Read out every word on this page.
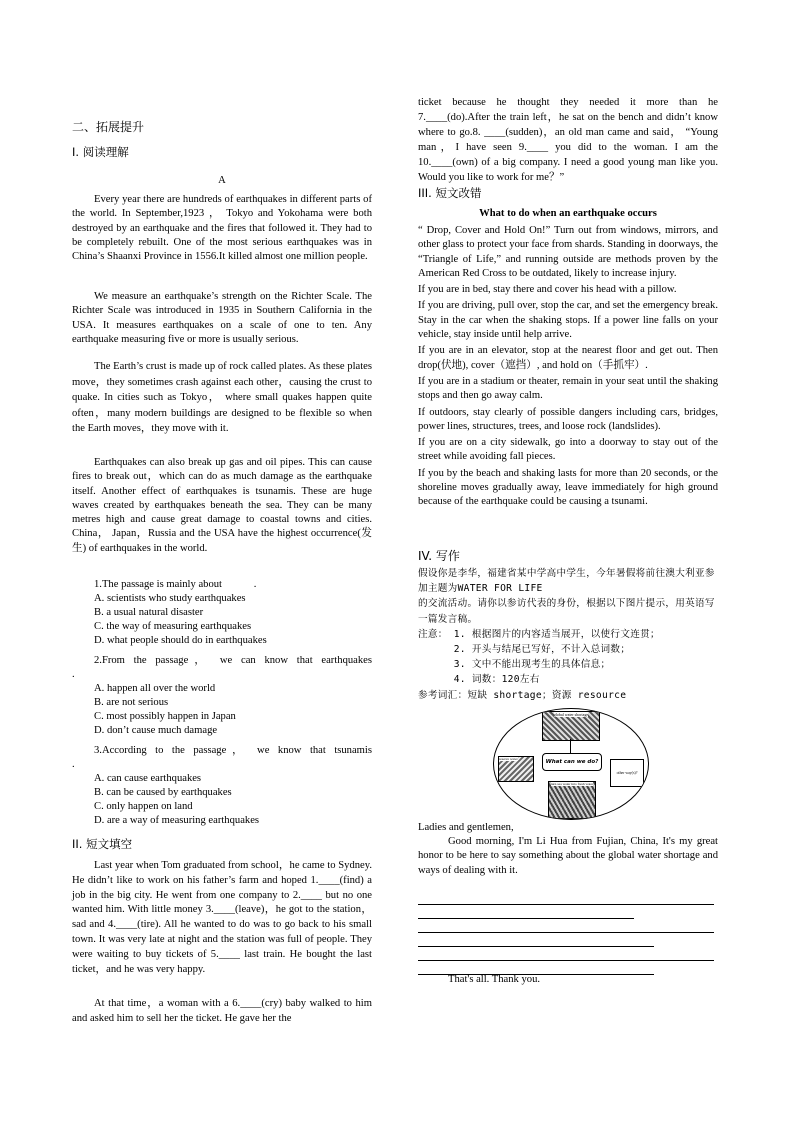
二、拓展提升
I. 阅读理解
A

Every year there are hundreds of earthquakes in different parts of the world. In September,1923 ， Tokyo and Yokohama were both destroyed by an earthquake and the fires that followed it. They had to be completely rebuilt. One of the most serious earthquakes was in China’s Shaanxi Province in 1556.It killed almost one million people.

We measure an earthquake’s strength on the Richter Scale. The Richter Scale was introduced in 1935 in Southern California in the USA. It measures earthquakes on a scale of one to ten. Any earthquake measuring five or more is usually serious.

The Earth’s crust is made up of rock called plates. As these plates move，they sometimes crash against each other，causing the crust to quake. In cities such as Tokyo， where small quakes happen quite often，many modern buildings are designed to be flexible so when the Earth moves，they move with it.

Earthquakes can also break up gas and oil pipes. This can cause fires to break out，which can do as much damage as the earthquake itself. Another effect of earthquakes is tsunamis. These are huge waves created by earthquakes beneath the sea. They can be many metres high and cause great damage to coastal towns and cities. China， Japan，Russia and the USA have the highest occurrence(发生) of earthquakes in the world.

1.The passage is mainly about            .
A. scientists who study earthquakes
B. a usual natural disaster
C. the way of measuring earthquakes
D. what people should do in earthquakes

2.From the passage， we can know that earthquakes

.
A. happen all over the world
B. are not serious
C. most possibly happen in Japan
D. don’t cause much damage

3.According to the passage， we know that tsunamis

.
A. can cause earthquakes
B. can be caused by earthquakes
C. only happen on land
D. are a way of measuring earthquakes
II. 短文填空

Last year when Tom graduated from school，he came to Sydney. He didn’t like to work on his father’s farm and hoped 1.____(find) a job in the big city. He went from one company to 2.____ but no one wanted him. With little money 3.____(leave)，he got to the station，sad and 4.____(tire). All he wanted to do was to go back to his small town. It was very late at night and the station was full of people. They were waiting to buy tickets of 5.____ last train. He bought the last ticket，and he was very happy.

At that time，a woman with a 6.____(cry) baby walked to him and asked him to sell her the ticket. He gave her the

ticket because he thought they needed it more than he 7.____(do).After the train left，he sat on the bench and didn’t know where to go.8. ____(sudden)，an old man came and said， “Young man，I have seen 9.____ you did to the woman. I am the 10.____(own) of a big company. I need a good young man like you. Would you like to work for me？”

III. 短文改错
What to do when an earthquake occurs

“ Drop, Cover and Hold On!” Turn out from windows, mirrors, and other glass to protect your face from shards. Standing in doorways, the “Triangle of Life,” and running outside are methods proven by the American Red Cross to be outdated, likely to increase injury.

If you are in bed, stay there and cover his head with a pillow.

If you are driving, pull over, stop the car, and set the emergency break. Stay in the car when the shaking stops. If a power line falls on your vehicle, stay inside until help arrive.

If you are in an elevator, stop at the nearest floor and get out. Then drop(伏地), cover（遮挡）, and hold on（手抓牢）.

If you are in a stadium or theater, remain in your seat until the shaking stops and then go away calm.

If outdoors, stay clearly of possible dangers including cars, bridges, power lines, structures, trees, and loose rock (landslides).

If you are on a city sidewalk, go into a doorway to stay out of the street while avoiding fall pieces.

If you by the beach and shaking lasts for more than 20 seconds, or the shoreline moves gradually away, leave immediately for high ground because of the earthquake could be causing a tsunami.

IV. 写作
假设你是李华，福建省某中学高中学生，今年暑假将前往澳大利亚参加主题为WATER FOR LIFE
的交流活动。请你以参访代表的身份，根据以下图片提示，用英语写一篇发言稿。
注意： 1. 根据图片的内容适当展开，以使行文连贯；
2. 开头与结尾已写好，不计入总词数；
3. 文中不能出现考生的具体信息；
4. 词数：120左右
参考词汇：短缺 shortage；资源 resource
global water shortage
What can we do?
reserve water
turn sea water into fresh water
other way(s)?
Ladies and gentlemen,

Good morning, I'm Li Hua from Fujian, China, It's my great honor to be here to say something about the global water shortage and ways of dealing with it.

That's all. Thank you.
